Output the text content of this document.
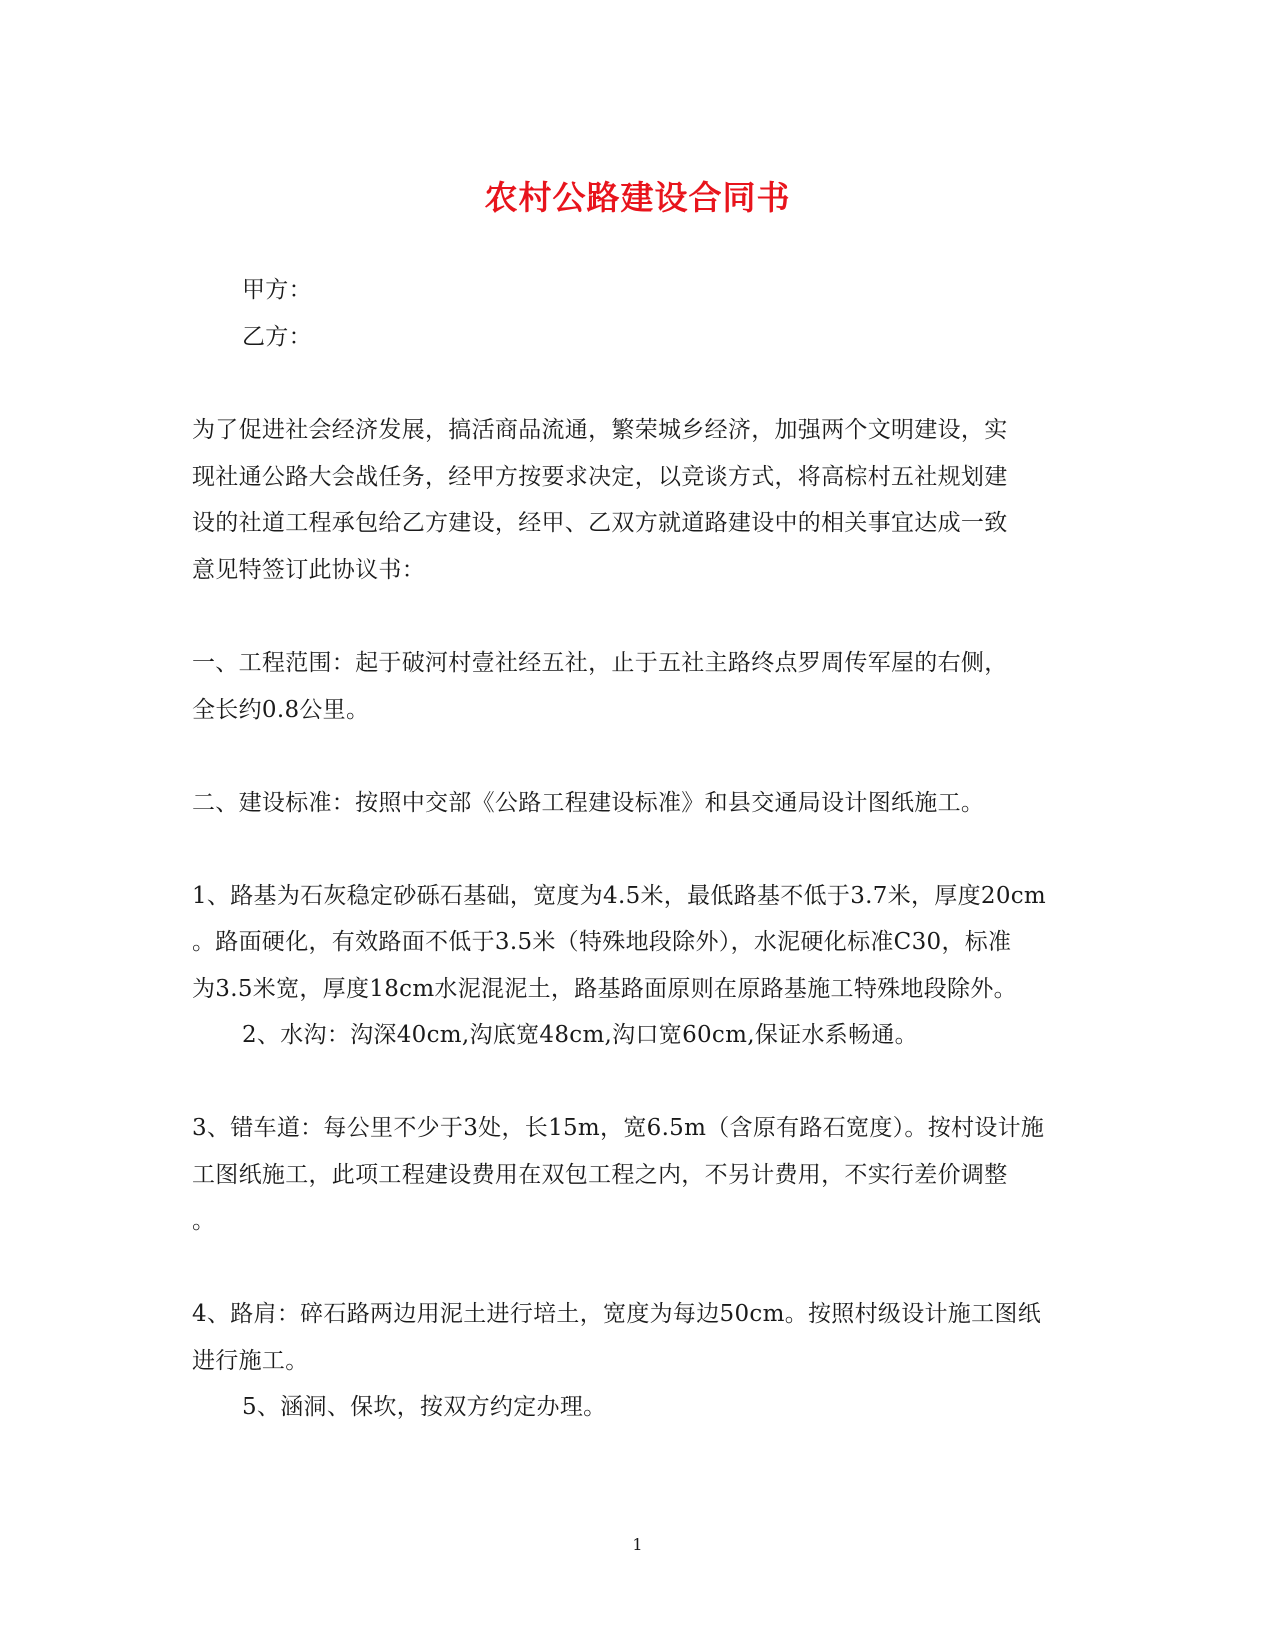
农村公路建设合同书
甲方：
乙方：
为了促进社会经济发展，搞活商品流通，繁荣城乡经济，加强两个文明建设，实
现社通公路大会战任务，经甲方按要求决定，以竞谈方式，将高棕村五社规划建
设的社道工程承包给乙方建设，经甲、乙双方就道路建设中的相关事宜达成一致
意见特签订此协议书：
一、工程范围：起于破河村壹社经五社，止于五社主路终点罗周传军屋的右侧，
全长约0.8公里。
二、建设标准：按照中交部《公路工程建设标准》和县交通局设计图纸施工。
1、路基为石灰稳定砂砾石基础，宽度为4.5米，最低路基不低于3.7米，厚度20cm
。路面硬化，有效路面不低于3.5米（特殊地段除外），水泥硬化标准C30，标准
为3.5米宽，厚度18cm水泥混泥土，路基路面原则在原路基施工特殊地段除外。
2、水沟：沟深40cm,沟底宽48cm,沟口宽60cm,保证水系畅通。
3、错车道：每公里不少于3处，长15m，宽6.5m（含原有路石宽度）。按村设计施
工图纸施工，此项工程建设费用在双包工程之内，不另计费用，不实行差价调整
。
4、路肩：碎石路两边用泥土进行培土，宽度为每边50cm。按照村级设计施工图纸
进行施工。
5、涵洞、保坎，按双方约定办理。
1
